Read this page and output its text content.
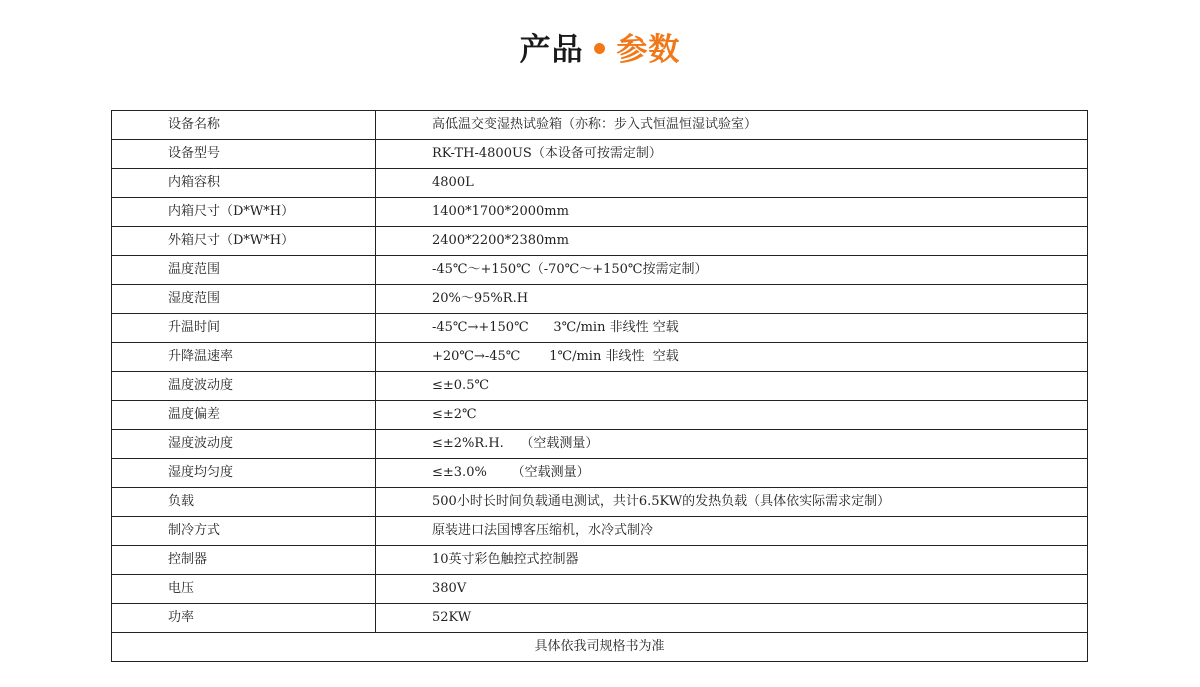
产品 • 参数
设备名称	高低温交变湿热试验箱（亦称：步入式恒温恒湿试验室）
设备型号	RK-TH-4800US（本设备可按需定制）
内箱容积	4800L
内箱尺寸（D*W*H）	1400*1700*2000mm
外箱尺寸（D*W*H）	2400*2200*2380mm
温度范围	-45℃～+150℃（-70℃～+150℃按需定制）
湿度范围	20%～95%R.H
升温时间	-45℃→+150℃      3℃/min 非线性 空载
升降温速率	+20℃→-45℃       1℃/min 非线性  空载
温度波动度	≤±0.5℃
温度偏差	≤±2℃
湿度波动度	≤±2%R.H.    （空载测量）
湿度均匀度	≤±3.0%      （空载测量）
负载	500小时长时间负载通电测试，共计6.5KW的发热负载（具体依实际需求定制）
制冷方式	原装进口法国博客压缩机，水冷式制冷
控制器	10英寸彩色触控式控制器
电压	380V
功率	52KW
具体依我司规格书为准	
